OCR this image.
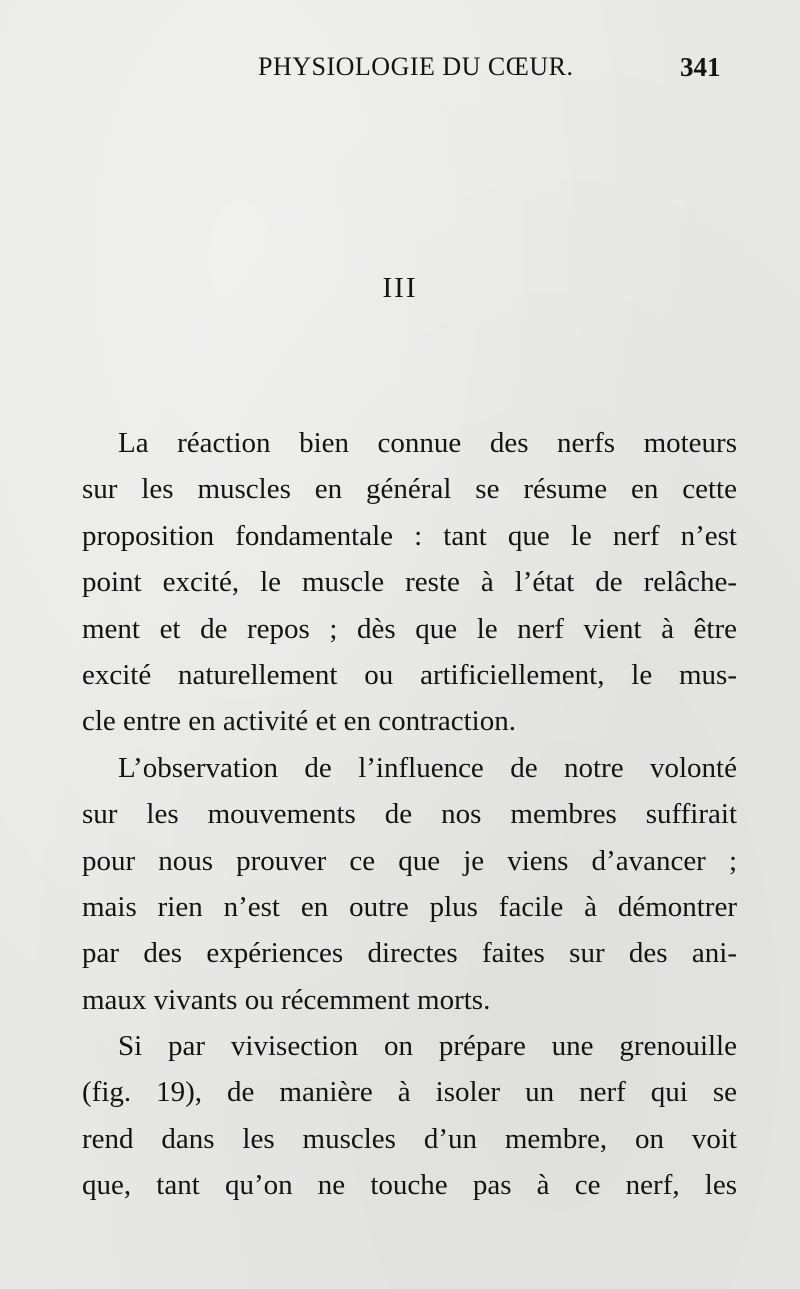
PHYSIOLOGIE DU CŒUR.	341
III
La réaction bien connue des nerfs moteurs
sur les muscles en général se résume en cette
proposition fondamentale : tant que le nerf n’est
point excité, le muscle reste à l’état de relâche-
ment et de repos ; dès que le nerf vient à être
excité naturellement ou artificiellement, le mus-
cle entre en activité et en contraction.
L’observation de l’influence de notre volonté
sur les mouvements de nos membres suffirait
pour nous prouver ce que je viens d’avancer ;
mais rien n’est en outre plus facile à démontrer
par des expériences directes faites sur des ani-
maux vivants ou récemment morts.
Si par vivisection on prépare une grenouille
(fig. 19), de manière à isoler un nerf qui se
rend dans les muscles d’un membre, on voit
que, tant qu’on ne touche pas à ce nerf, les
